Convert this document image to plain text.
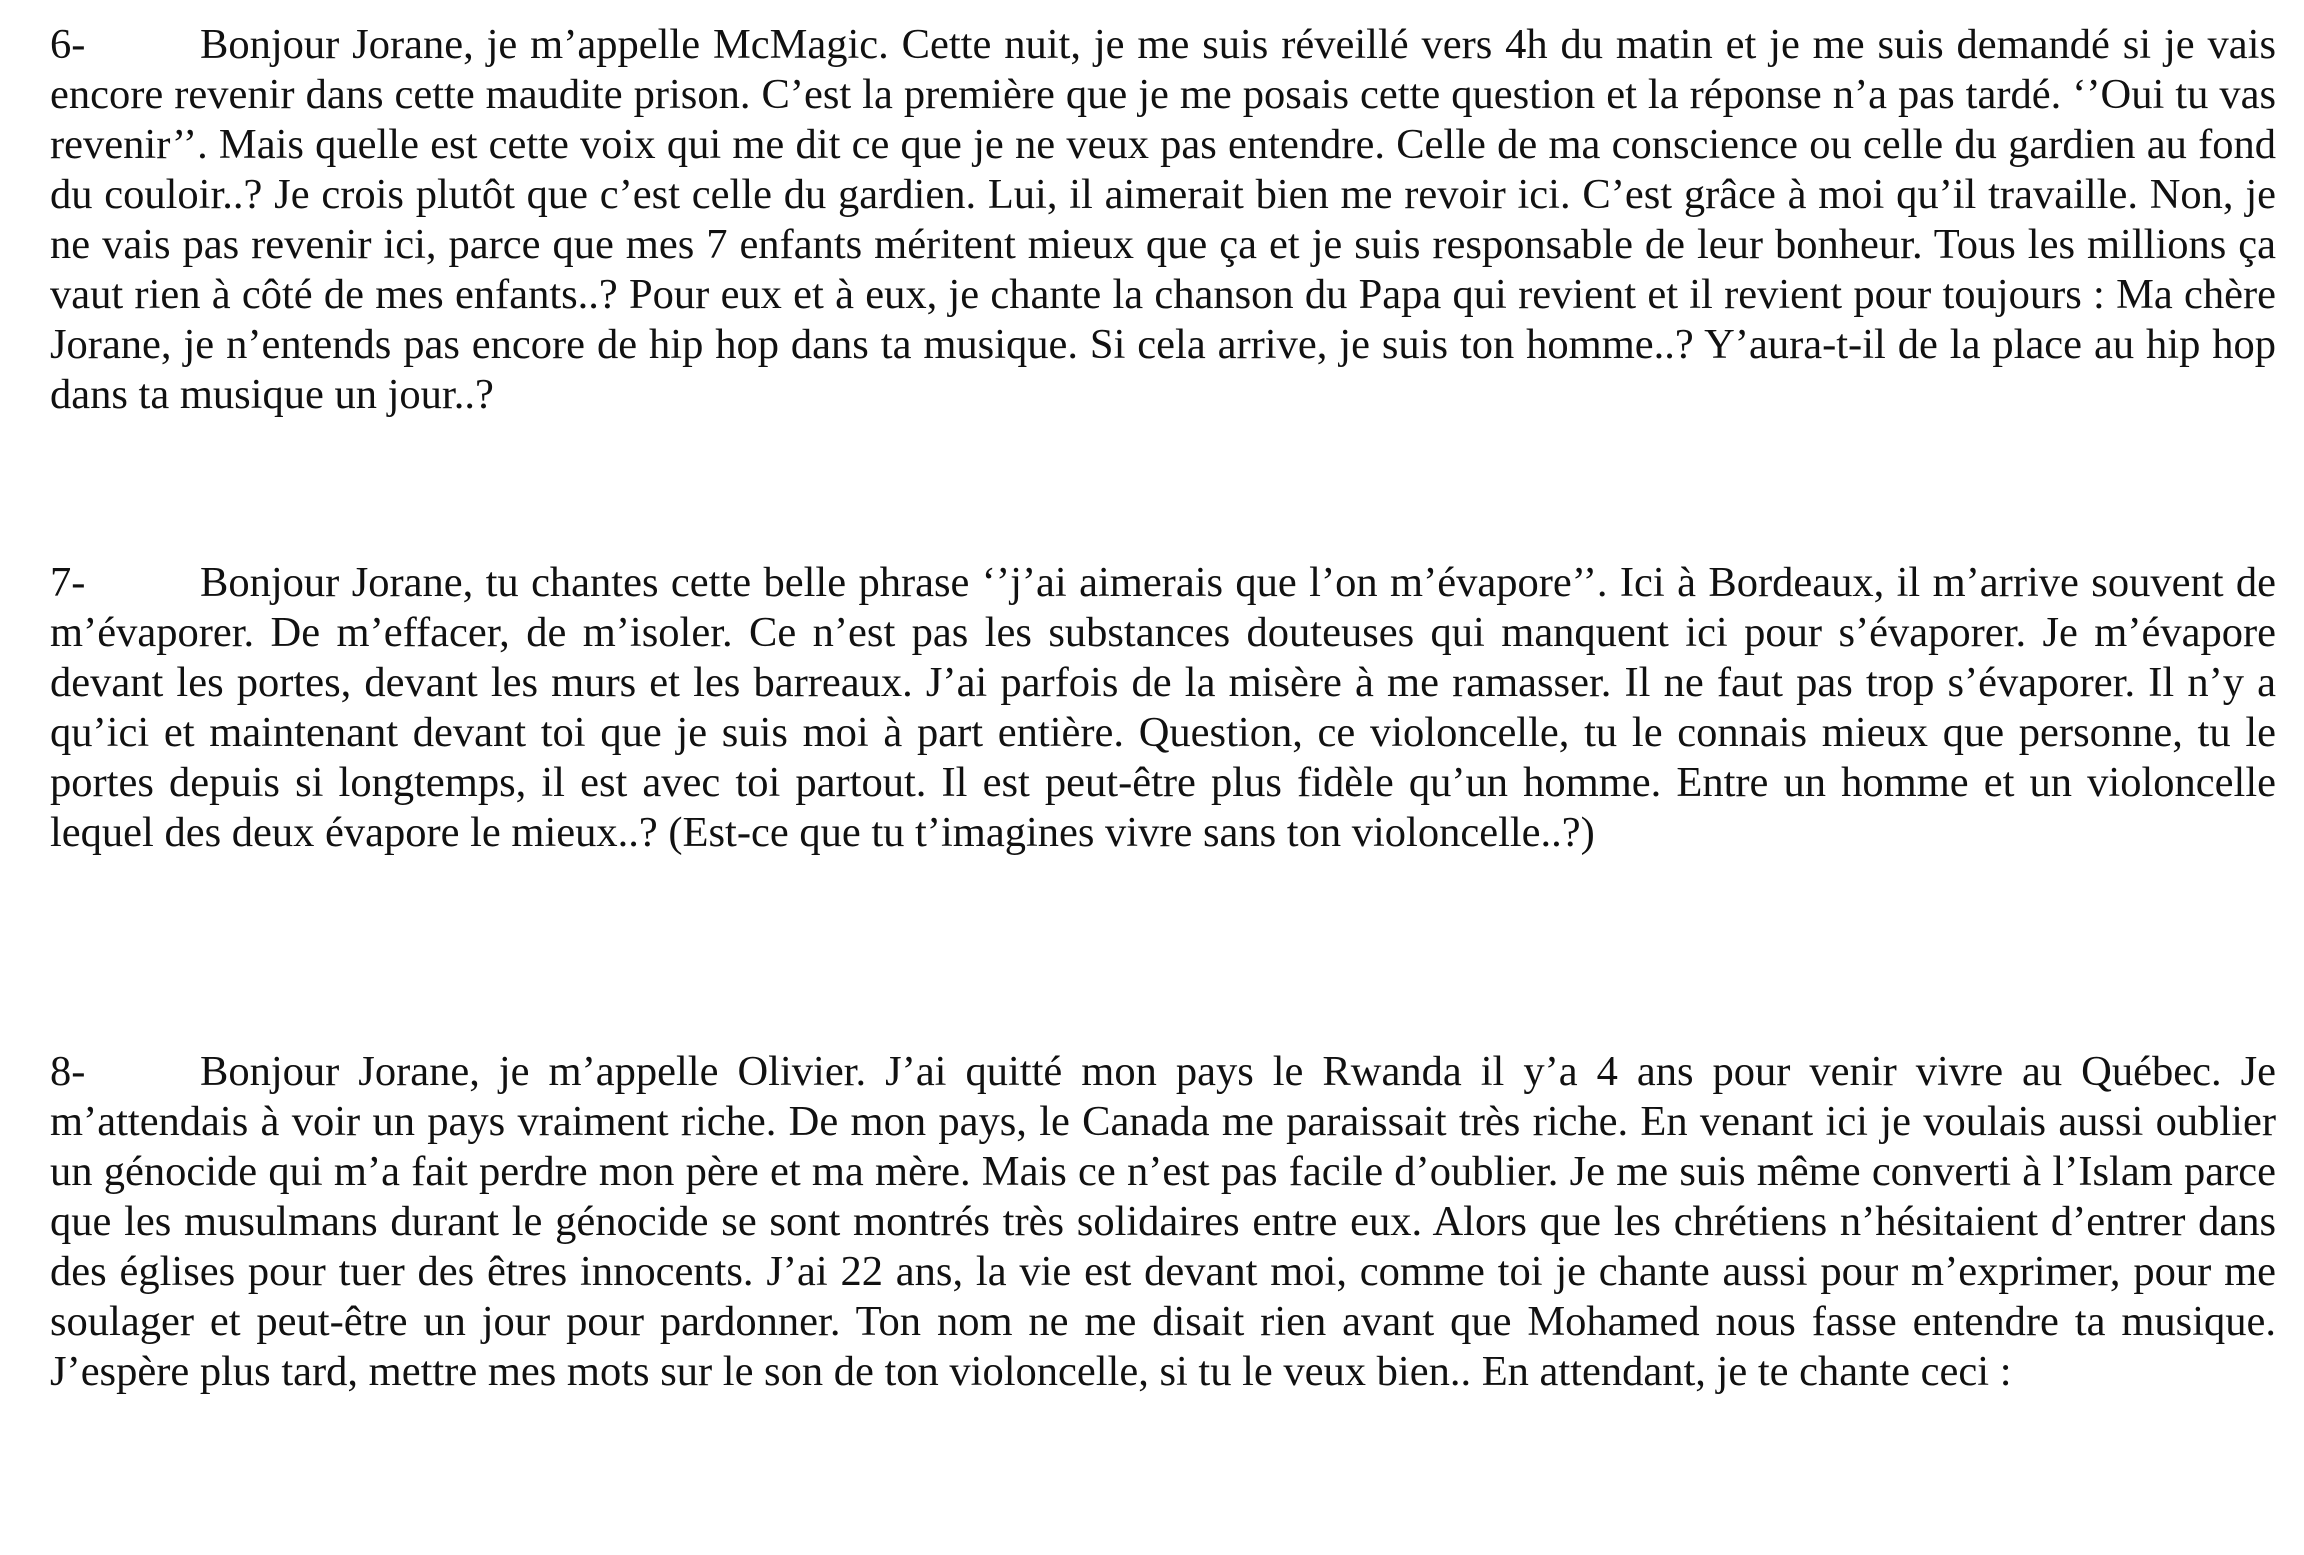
6-	Bonjour Jorane, je m’appelle McMagic. Cette nuit, je me suis réveillé vers 4h du matin et je me suis demandé si je vais encore revenir dans cette maudite prison. C’est la première que je me posais cette question et la réponse n’a pas tardé. ‘’Oui tu vas revenir’’. Mais quelle est cette voix qui me dit ce que je ne veux pas entendre. Celle de ma conscience ou celle du gardien au fond du couloir..? Je crois plutôt que c’est celle du gardien. Lui, il aimerait bien me revoir ici. C’est grâce à moi qu’il travaille. Non, je ne vais pas revenir ici, parce que mes 7 enfants méritent mieux que ça et je suis responsable de leur bonheur. Tous les millions ça vaut rien à côté de mes enfants..? Pour eux et à eux, je chante la chanson du Papa qui revient et il revient pour toujours : Ma chère Jorane, je n’entends pas encore de hip hop dans ta musique. Si cela arrive, je suis ton homme..? Y’aura-t-il de la place au hip hop dans ta musique un jour..?

7-	Bonjour Jorane, tu chantes cette belle phrase ‘’j’ai aimerais que l’on m’évapore’’. Ici à Bordeaux, il m’arrive souvent de m’évaporer. De m’effacer, de m’isoler. Ce n’est pas les substances douteuses qui manquent ici pour s’évaporer. Je m’évapore devant les portes, devant les murs et les barreaux. J’ai parfois de la misère à me ramasser. Il ne faut pas trop s’évaporer. Il n’y a qu’ici et maintenant devant toi que je suis moi à part entière. Question, ce violoncelle, tu le connais mieux que personne, tu le portes depuis si longtemps, il est avec toi partout. Il est peut-être plus fidèle qu’un homme. Entre un homme et un violoncelle lequel des deux évapore le mieux..? (Est-ce que tu t’imagines vivre sans ton violoncelle..?)

8-	Bonjour Jorane, je m’appelle Olivier. J’ai quitté mon pays le Rwanda il y’a 4 ans pour venir vivre au Québec. Je m’attendais à voir un pays vraiment riche. De mon pays, le Canada me paraissait très riche. En venant ici je voulais aussi oublier un génocide qui m’a fait perdre mon père et ma mère. Mais ce n’est pas facile d’oublier. Je me suis même converti à l’Islam parce que les musulmans durant le génocide se sont montrés très solidaires entre eux. Alors que les chrétiens n’hésitaient d’entrer dans des églises pour tuer des êtres innocents. J’ai 22 ans, la vie est devant moi, comme toi je chante aussi pour m’exprimer, pour me soulager et peut-être un jour pour pardonner. Ton nom ne me disait rien avant que Mohamed nous fasse entendre ta musique. J’espère plus tard, mettre mes mots sur le son de ton violoncelle, si tu le veux bien.. En attendant, je te chante ceci :
